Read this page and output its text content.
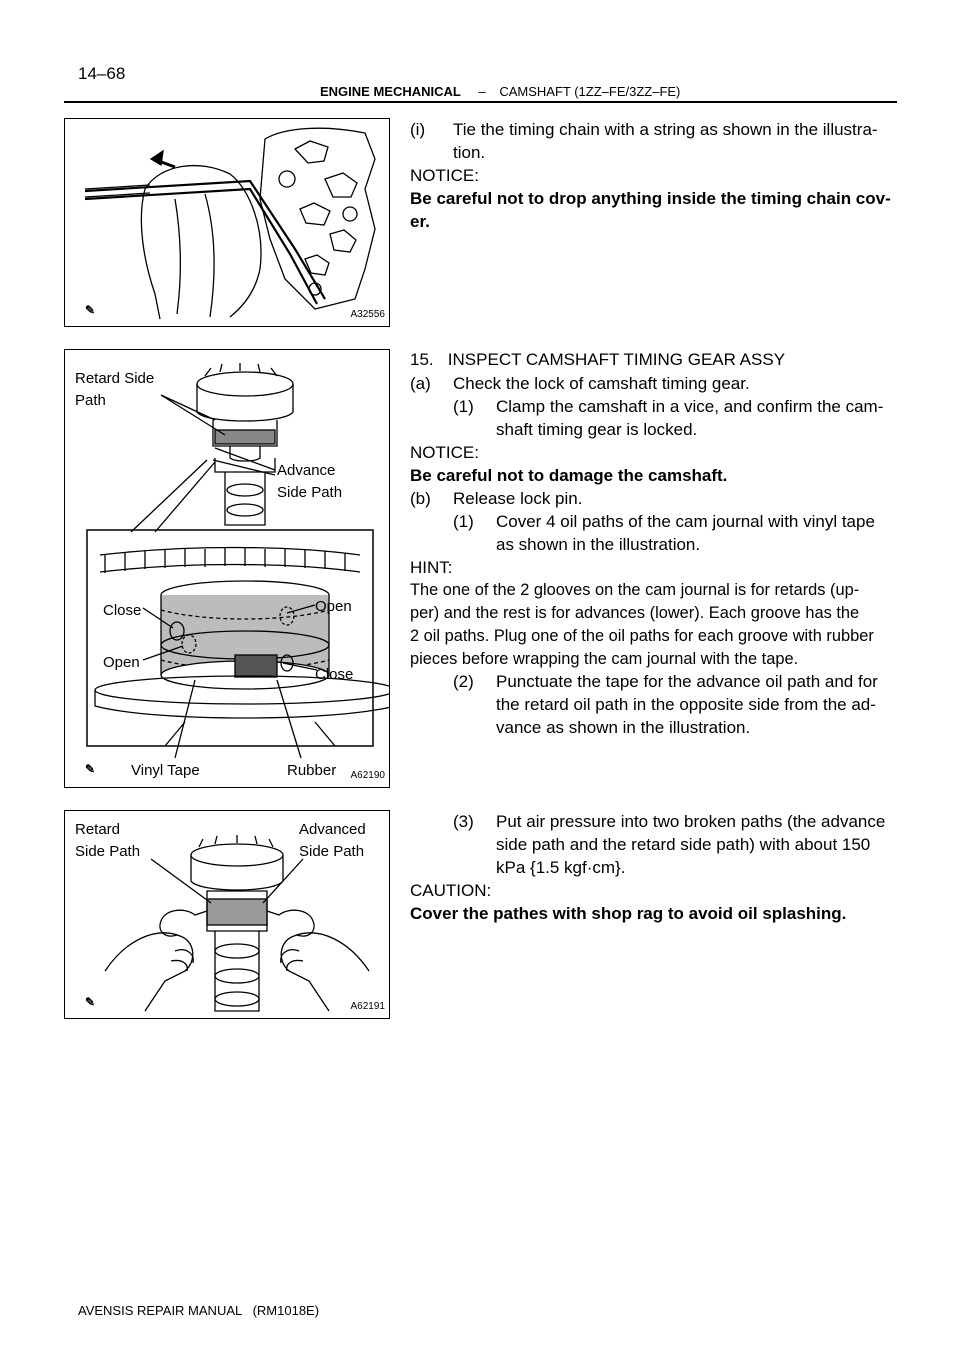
14–68
ENGINE MECHANICAL – CAMSHAFT (1ZZ–FE/3ZZ–FE)
✎	A32556
Retard Side
Path
Advance
Side Path
Close	Open
Open
Close
Vinyl Tape	Rubber
✎	A62190
Retard
Side Path
Advanced
Side Path
✎	A62191
(i)	Tie the timing chain with a string as shown in the illustra-
tion.
NOTICE:
Be careful not to drop anything inside the timing chain cov-
er.
15.   INSPECT CAMSHAFT TIMING GEAR ASSY
(a)	Check the lock of camshaft timing gear.
(1)	Clamp the camshaft in a vice, and confirm the cam-
shaft timing gear is locked.
NOTICE:
Be careful not to damage the camshaft.
(b)	Release lock pin.
(1)	Cover 4 oil paths of the cam journal with vinyl tape
as shown in the illustration.
HINT:
The one of the 2 glooves on the cam journal is for retards (up-
per) and the rest is for advances (lower). Each groove has the
2 oil paths. Plug one of the oil paths for each groove with rubber
pieces before wrapping the cam journal with the tape.
(2)	Punctuate the tape for the advance oil path and for
the retard oil path in the opposite side from the ad-
vance as shown in the illustration.
(3)	Put air pressure into two broken paths (the advance
side path and the retard side path) with about 150
kPa {1.5 kgf·cm}.
CAUTION:
Cover the pathes with shop rag to avoid oil splashing.
AVENSIS REPAIR MANUAL   (RM1018E)
